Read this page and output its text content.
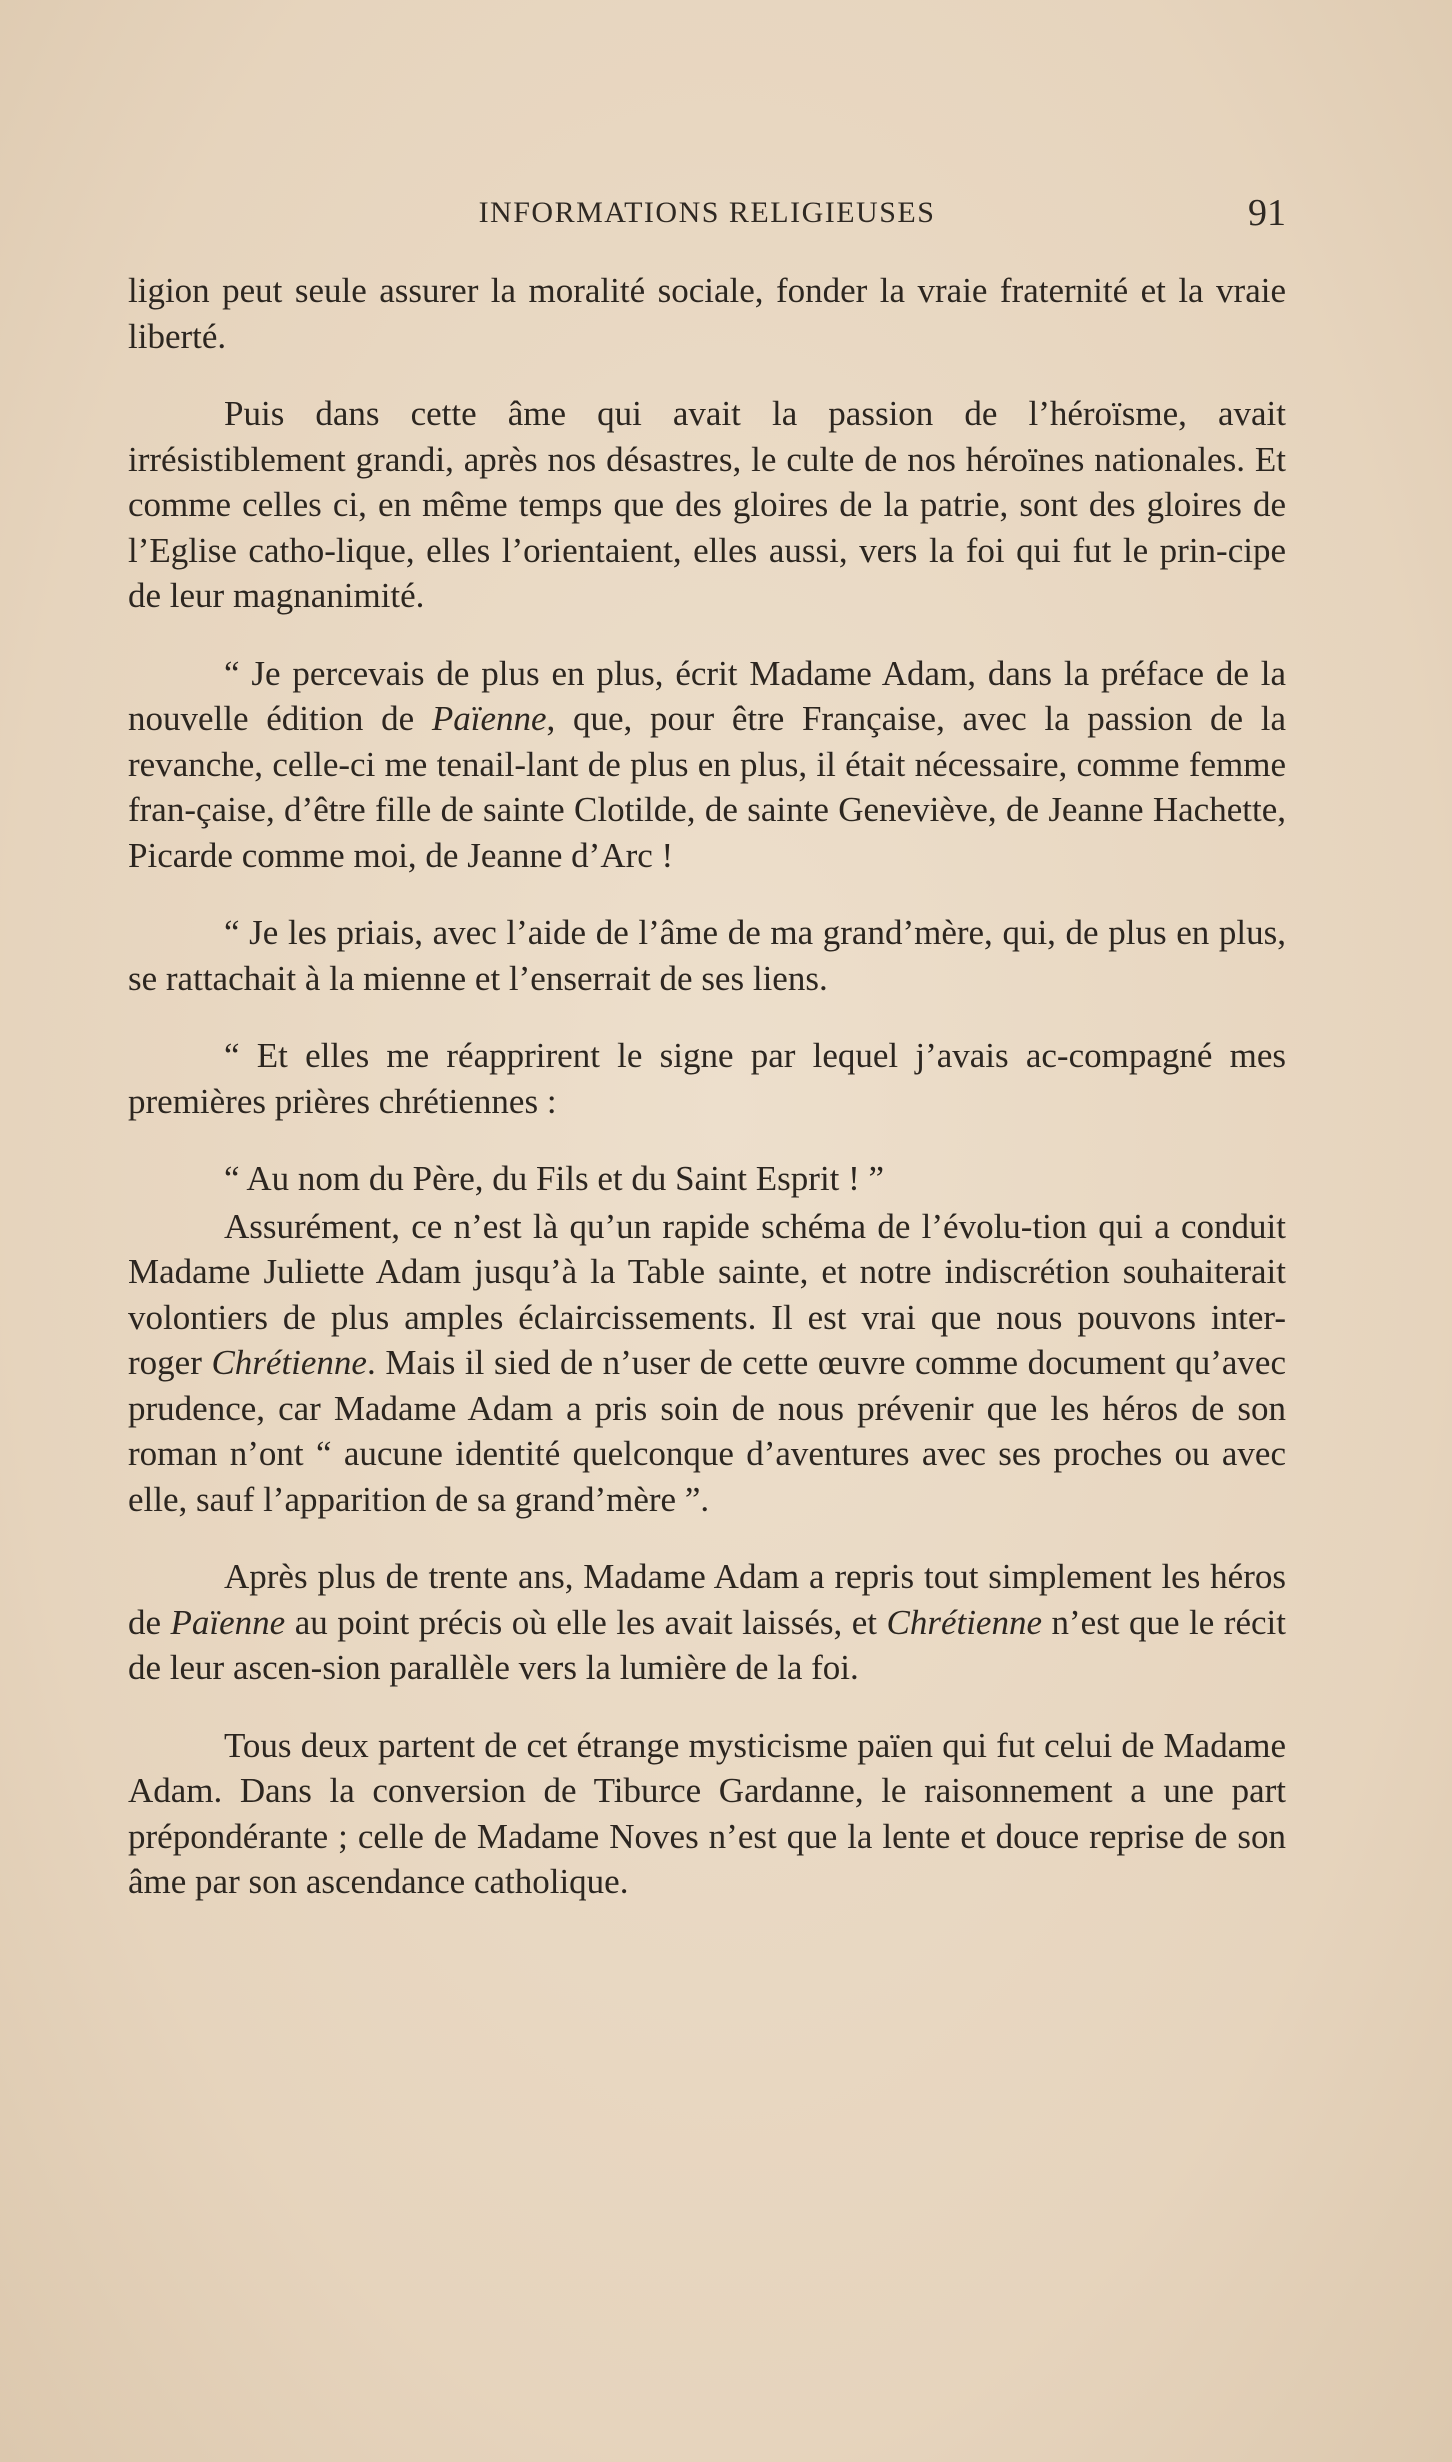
INFORMATIONS RELIGIEUSES	91

ligion peut seule assurer la moralité sociale, fonder la vraie fraternité et la vraie liberté.

Puis dans cette âme qui avait la passion de l’héroïsme, avait irrésistiblement grandi, après nos désastres, le culte de nos héroïnes nationales. Et comme celles ci, en même temps que des gloires de la patrie, sont des gloires de l’Eglise catho-lique, elles l’orientaient, elles aussi, vers la foi qui fut le prin-cipe de leur magnanimité.

“ Je percevais de plus en plus, écrit Madame Adam, dans la préface de la nouvelle édition de Païenne, que, pour être Française, avec la passion de la revanche, celle-ci me tenail-lant de plus en plus, il était nécessaire, comme femme fran-çaise, d’être fille de sainte Clotilde, de sainte Geneviève, de Jeanne Hachette, Picarde comme moi, de Jeanne d’Arc !

“ Je les priais, avec l’aide de l’âme de ma grand’mère, qui, de plus en plus, se rattachait à la mienne et l’enserrait de ses liens.

“ Et elles me réapprirent le signe par lequel j’avais ac-compagné mes premières prières chrétiennes :

“ Au nom du Père, du Fils et du Saint Esprit ! ”

Assurément, ce n’est là qu’un rapide schéma de l’évolu-tion qui a conduit Madame Juliette Adam jusqu’à la Table sainte, et notre indiscrétion souhaiterait volontiers de plus amples éclaircissements. Il est vrai que nous pouvons inter-roger Chrétienne. Mais il sied de n’user de cette œuvre comme document qu’avec prudence, car Madame Adam a pris soin de nous prévenir que les héros de son roman n’ont “ aucune identité quelconque d’aventures avec ses proches ou avec elle, sauf l’apparition de sa grand’mère ”.

Après plus de trente ans, Madame Adam a repris tout simplement les héros de Païenne au point précis où elle les avait laissés, et Chrétienne n’est que le récit de leur ascen-sion parallèle vers la lumière de la foi.

Tous deux partent de cet étrange mysticisme païen qui fut celui de Madame Adam. Dans la conversion de Tiburce Gardanne, le raisonnement a une part prépondérante ; celle de Madame Noves n’est que la lente et douce reprise de son âme par son ascendance catholique.
